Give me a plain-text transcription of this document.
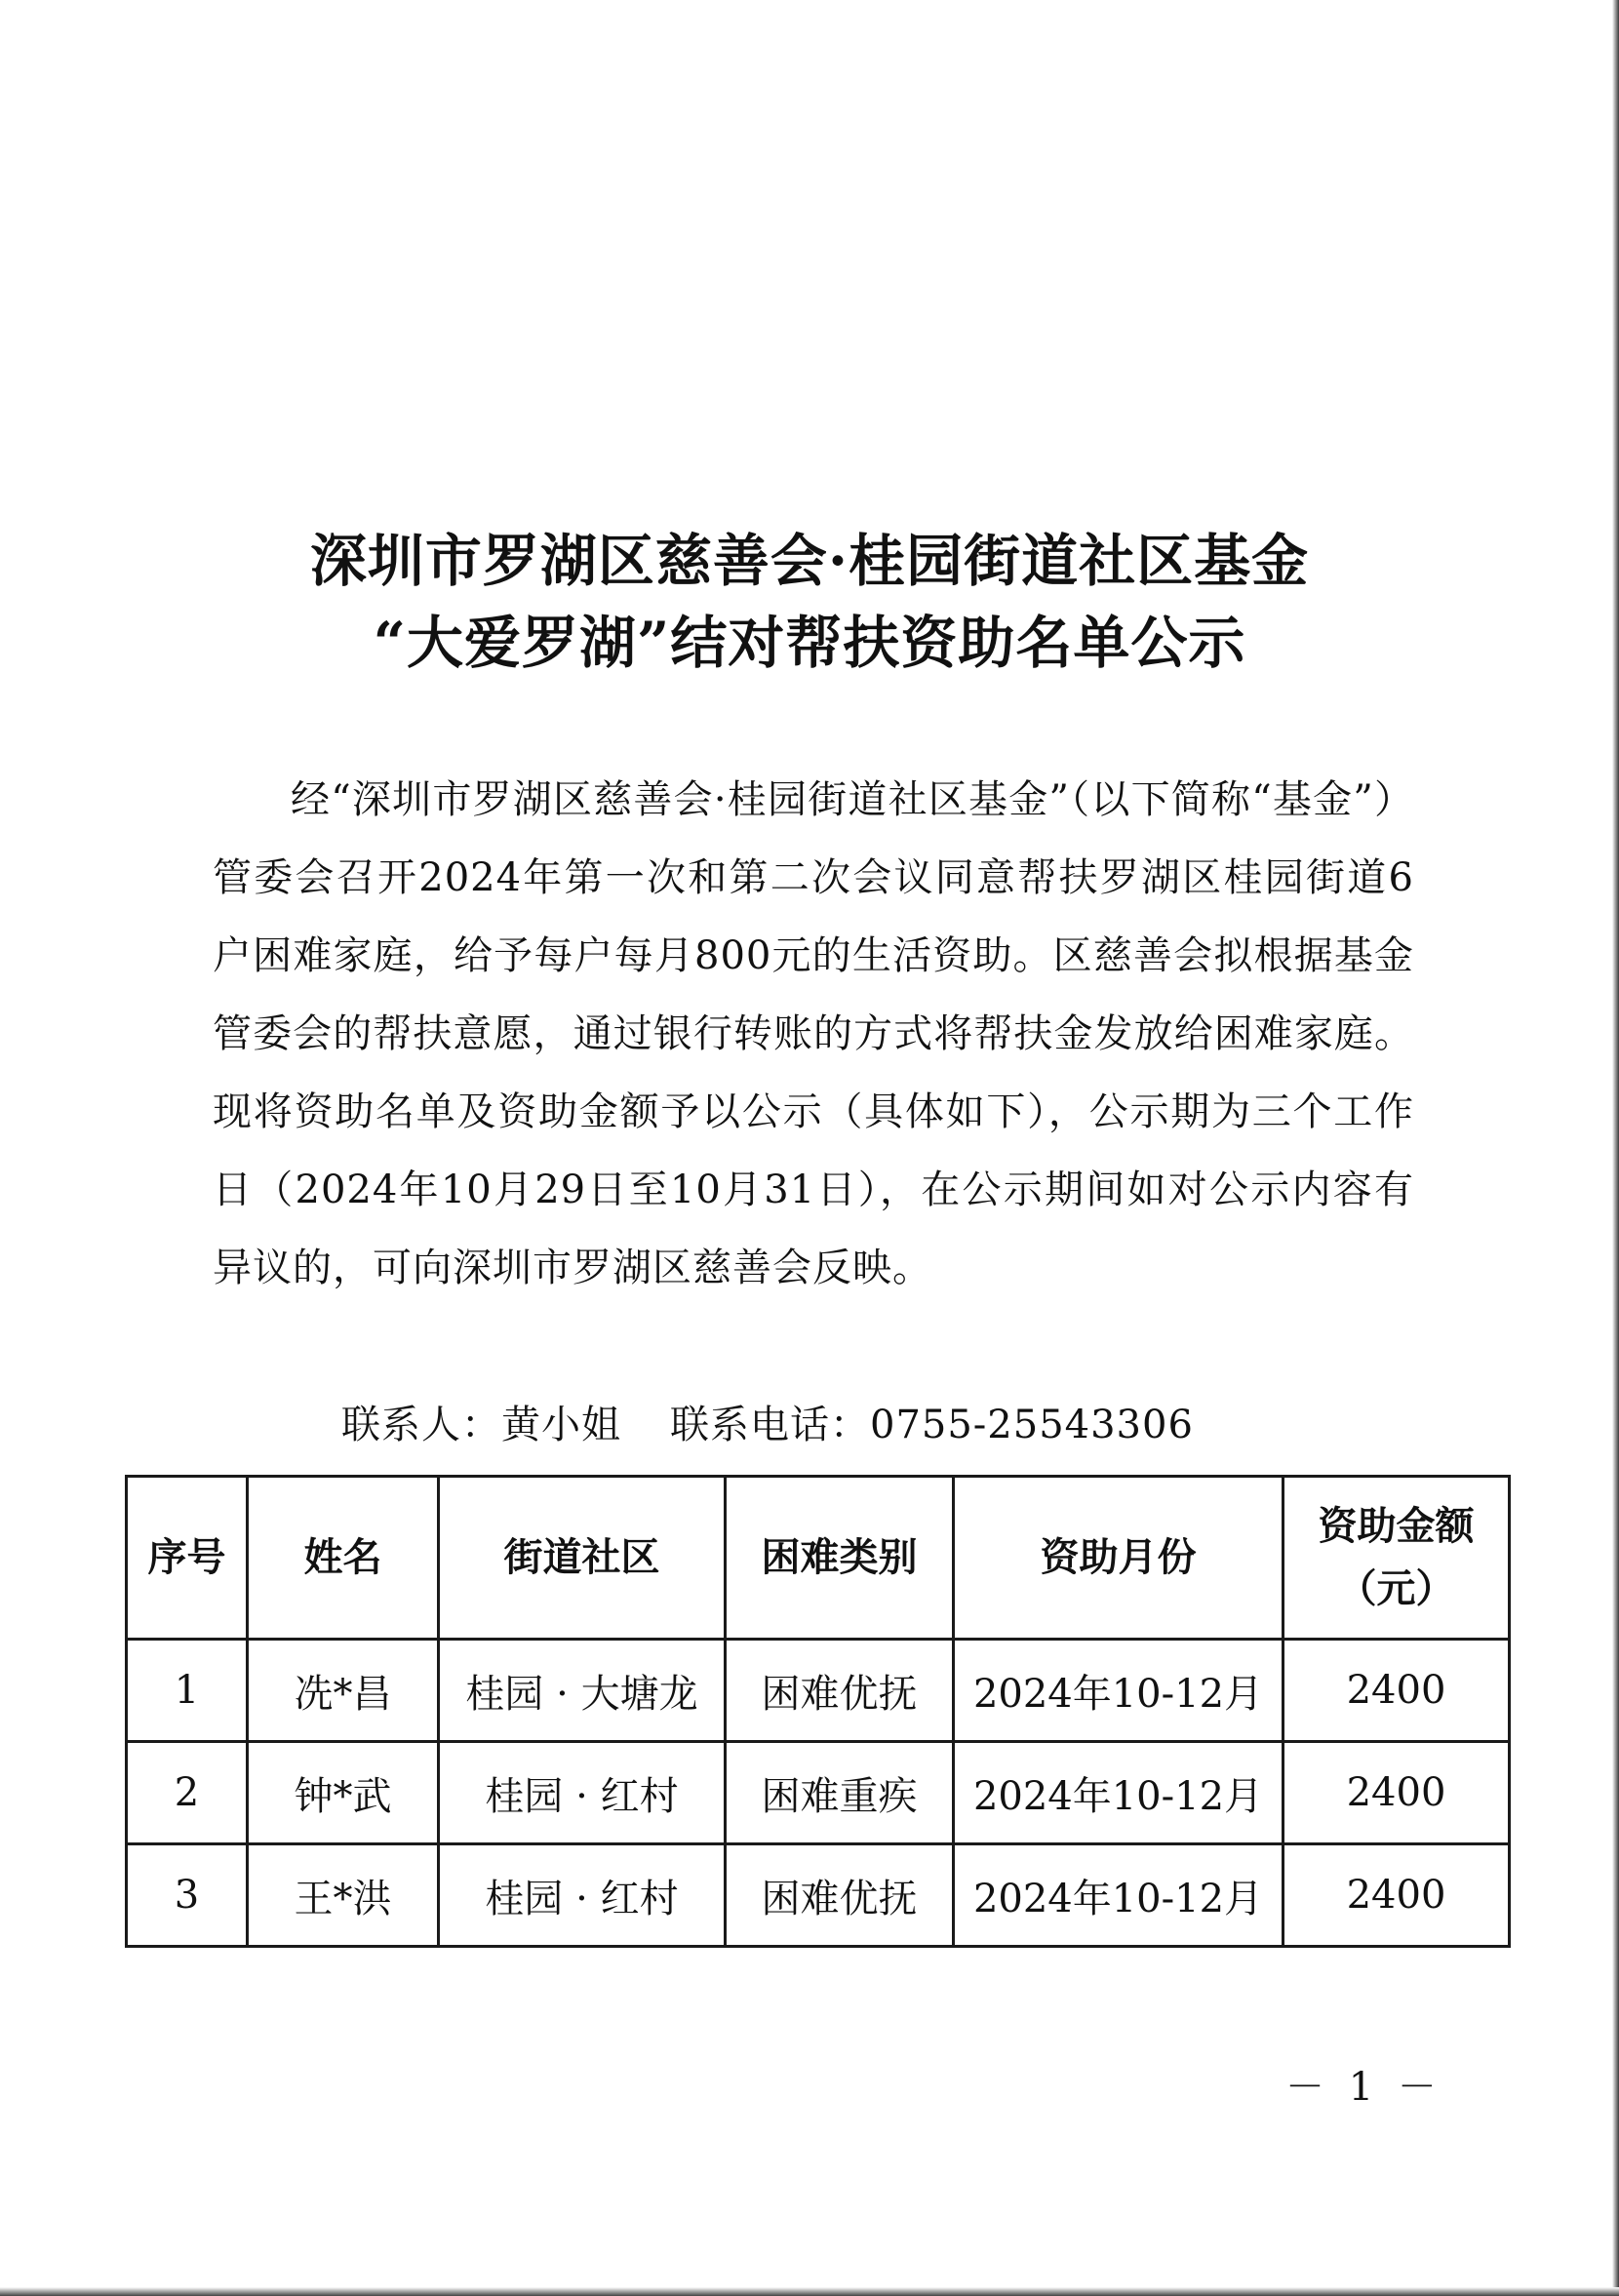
深圳市罗湖区慈善会·桂园街道社区基金
“大爱罗湖”结对帮扶资助名单公示

经“深圳市罗湖区慈善会·桂园街道社区基金”（以下简称“基金”）管委会召开2024年第一次和第二次会议同意帮扶罗湖区桂园街道6户困难家庭，给予每户每月800元的生活资助。区慈善会拟根据基金管委会的帮扶意愿，通过银行转账的方式将帮扶金发放给困难家庭。现将资助名单及资助金额予以公示（具体如下），公示期为三个工作日（2024年10月29日至10月31日），在公示期间如对公示内容有异议的，可向深圳市罗湖区慈善会反映。

联系人：黄小姐 联系电话：0755-25543306
序号	姓名	街道社区	困难类别	资助月份	资助金额
（元）

1	冼*昌	桂园 · 大塘龙	困难优抚	2024年10-12月	2400
2	钟*武	桂园 · 红村	困难重疾	2024年10-12月	2400
3	王*洪	桂园 · 红村	困难优抚	2024年10-12月	2400
－ 1 －
